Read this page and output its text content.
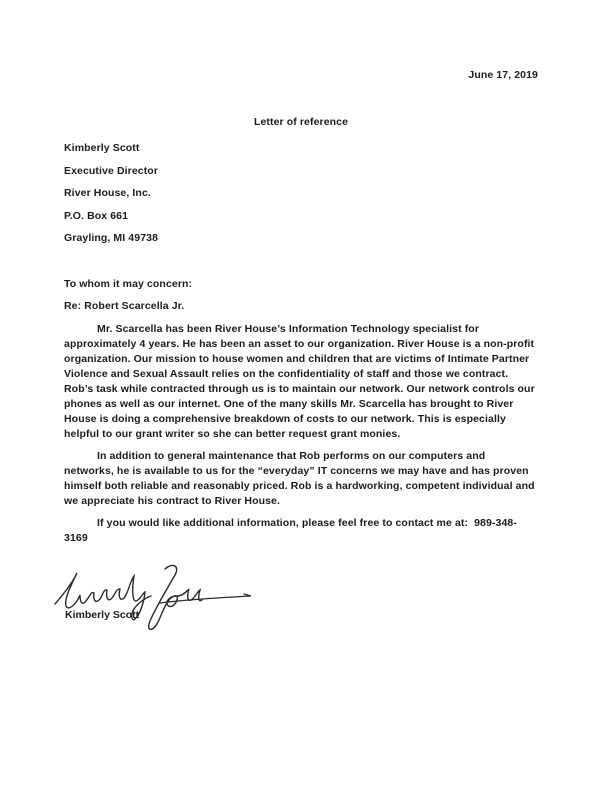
June 17, 2019

Letter of reference

Kimberly Scott

Executive Director

River House, Inc.

P.O. Box 661

Grayling, MI 49738

To whom it may concern:

Re: Robert Scarcella Jr.

Mr. Scarcella has been River House’s Information Technology specialist for approximately 4 years. He has been an asset to our organization. River House is a non-profit organization. Our mission to house women and children that are victims of Intimate Partner Violence and Sexual Assault relies on the confidentiality of staff and those we contract. Rob’s task while contracted through us is to maintain our network. Our network controls our phones as well as our internet. One of the many skills Mr. Scarcella has brought to River House is doing a comprehensive breakdown of costs to our network. This is especially helpful to our grant writer so she can better request grant monies.

In addition to general maintenance that Rob performs on our computers and networks, he is available to us for the “everyday” IT concerns we may have and has proven himself both reliable and reasonably priced. Rob is a hardworking, competent individual and we appreciate his contract to River House.

If you would like additional information, please feel free to contact me at:  989-348-3169

Kimberly Scott
